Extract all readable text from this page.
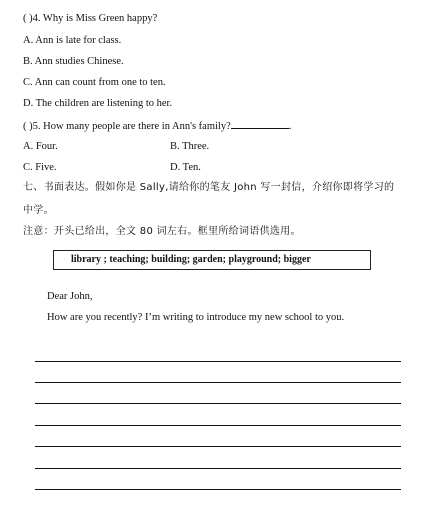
( )4. Why is Miss Green happy?
A. Ann is late for class.
B. Ann studies Chinese.
C. Ann can count from one to ten.
D. The children are listening to her.
( )5. How many people are there in Ann's family?	.
A. Four.	B. Three.
C. Five.	D. Ten.
七、书面表达。假如你是 Sally,请给你的笔友 John 写一封信，介绍你即将学习的
中学。
注意：开头已给出，全文 80 词左右。框里所给词语供选用。
library ; teaching; building; garden; playground; bigger
Dear John,
How are you recently? I’m writing to introduce my new school to you.
